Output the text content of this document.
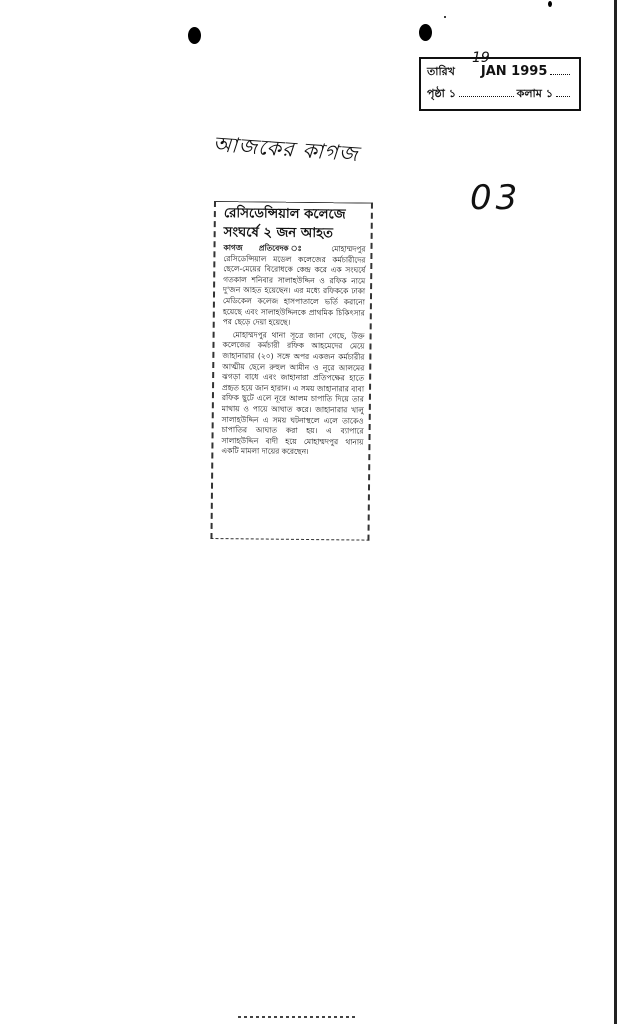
তারিখ
19
JAN 1995
পৃষ্ঠা ১	কলাম ১
আজকের কাগজ
03
রেসিডেন্সিয়াল কলেজে
সংঘর্ষে ২ জন আহত

কাগজ প্রতিবেদক ঃ মোহাম্মদপুর রেসিডেন্সিয়াল মডেল কলেজের কর্মচারীদের ছেলে-মেয়ের বিরোধকে কেন্দ্র করে এক সংঘর্ষে গতকাল শনিবার সালাহউদ্দিন ও রফিক নামে দু'জন আহত হয়েছেন। এর মধ্যে রফিককে ঢাকা মেডিকেল কলেজ হাসপাতালে ভর্তি করানো হয়েছে এবং সালাহউদ্দিনকে প্রাথমিক চিকিৎসার পর ছেড়ে দেয়া হয়েছে।

মোহাম্মদপুর থানা সূত্রে জানা গেছে, উক্ত কলেজের কর্মচারী রফিক আহমেদের মেয়ে জাহানারার (২০) সঙ্গে অপর একজন কর্মচারীর আত্মীয় ছেলে রুহুল আমীন ও নূরে আলমের ঝগড়া বাধে এবং জাহানারা প্রতিপক্ষের হাতে প্রহৃত হয়ে জান হারান। এ সময় জাহানারার বাবা রফিক ছুটে এলে নূরে আলম চাপাতি দিয়ে তার মাথায় ও পায়ে আঘাত করে। জাহানারার খালু সালাহউদ্দিন এ সময় ঘটনাস্থলে এলে তাকেও চাপাতির আঘাত করা হয়। এ ব্যাপারে সালাহউদ্দিন বাদী হয়ে মোহাম্মদপুর থানায় একটি মামলা দায়ের করেছেন।
